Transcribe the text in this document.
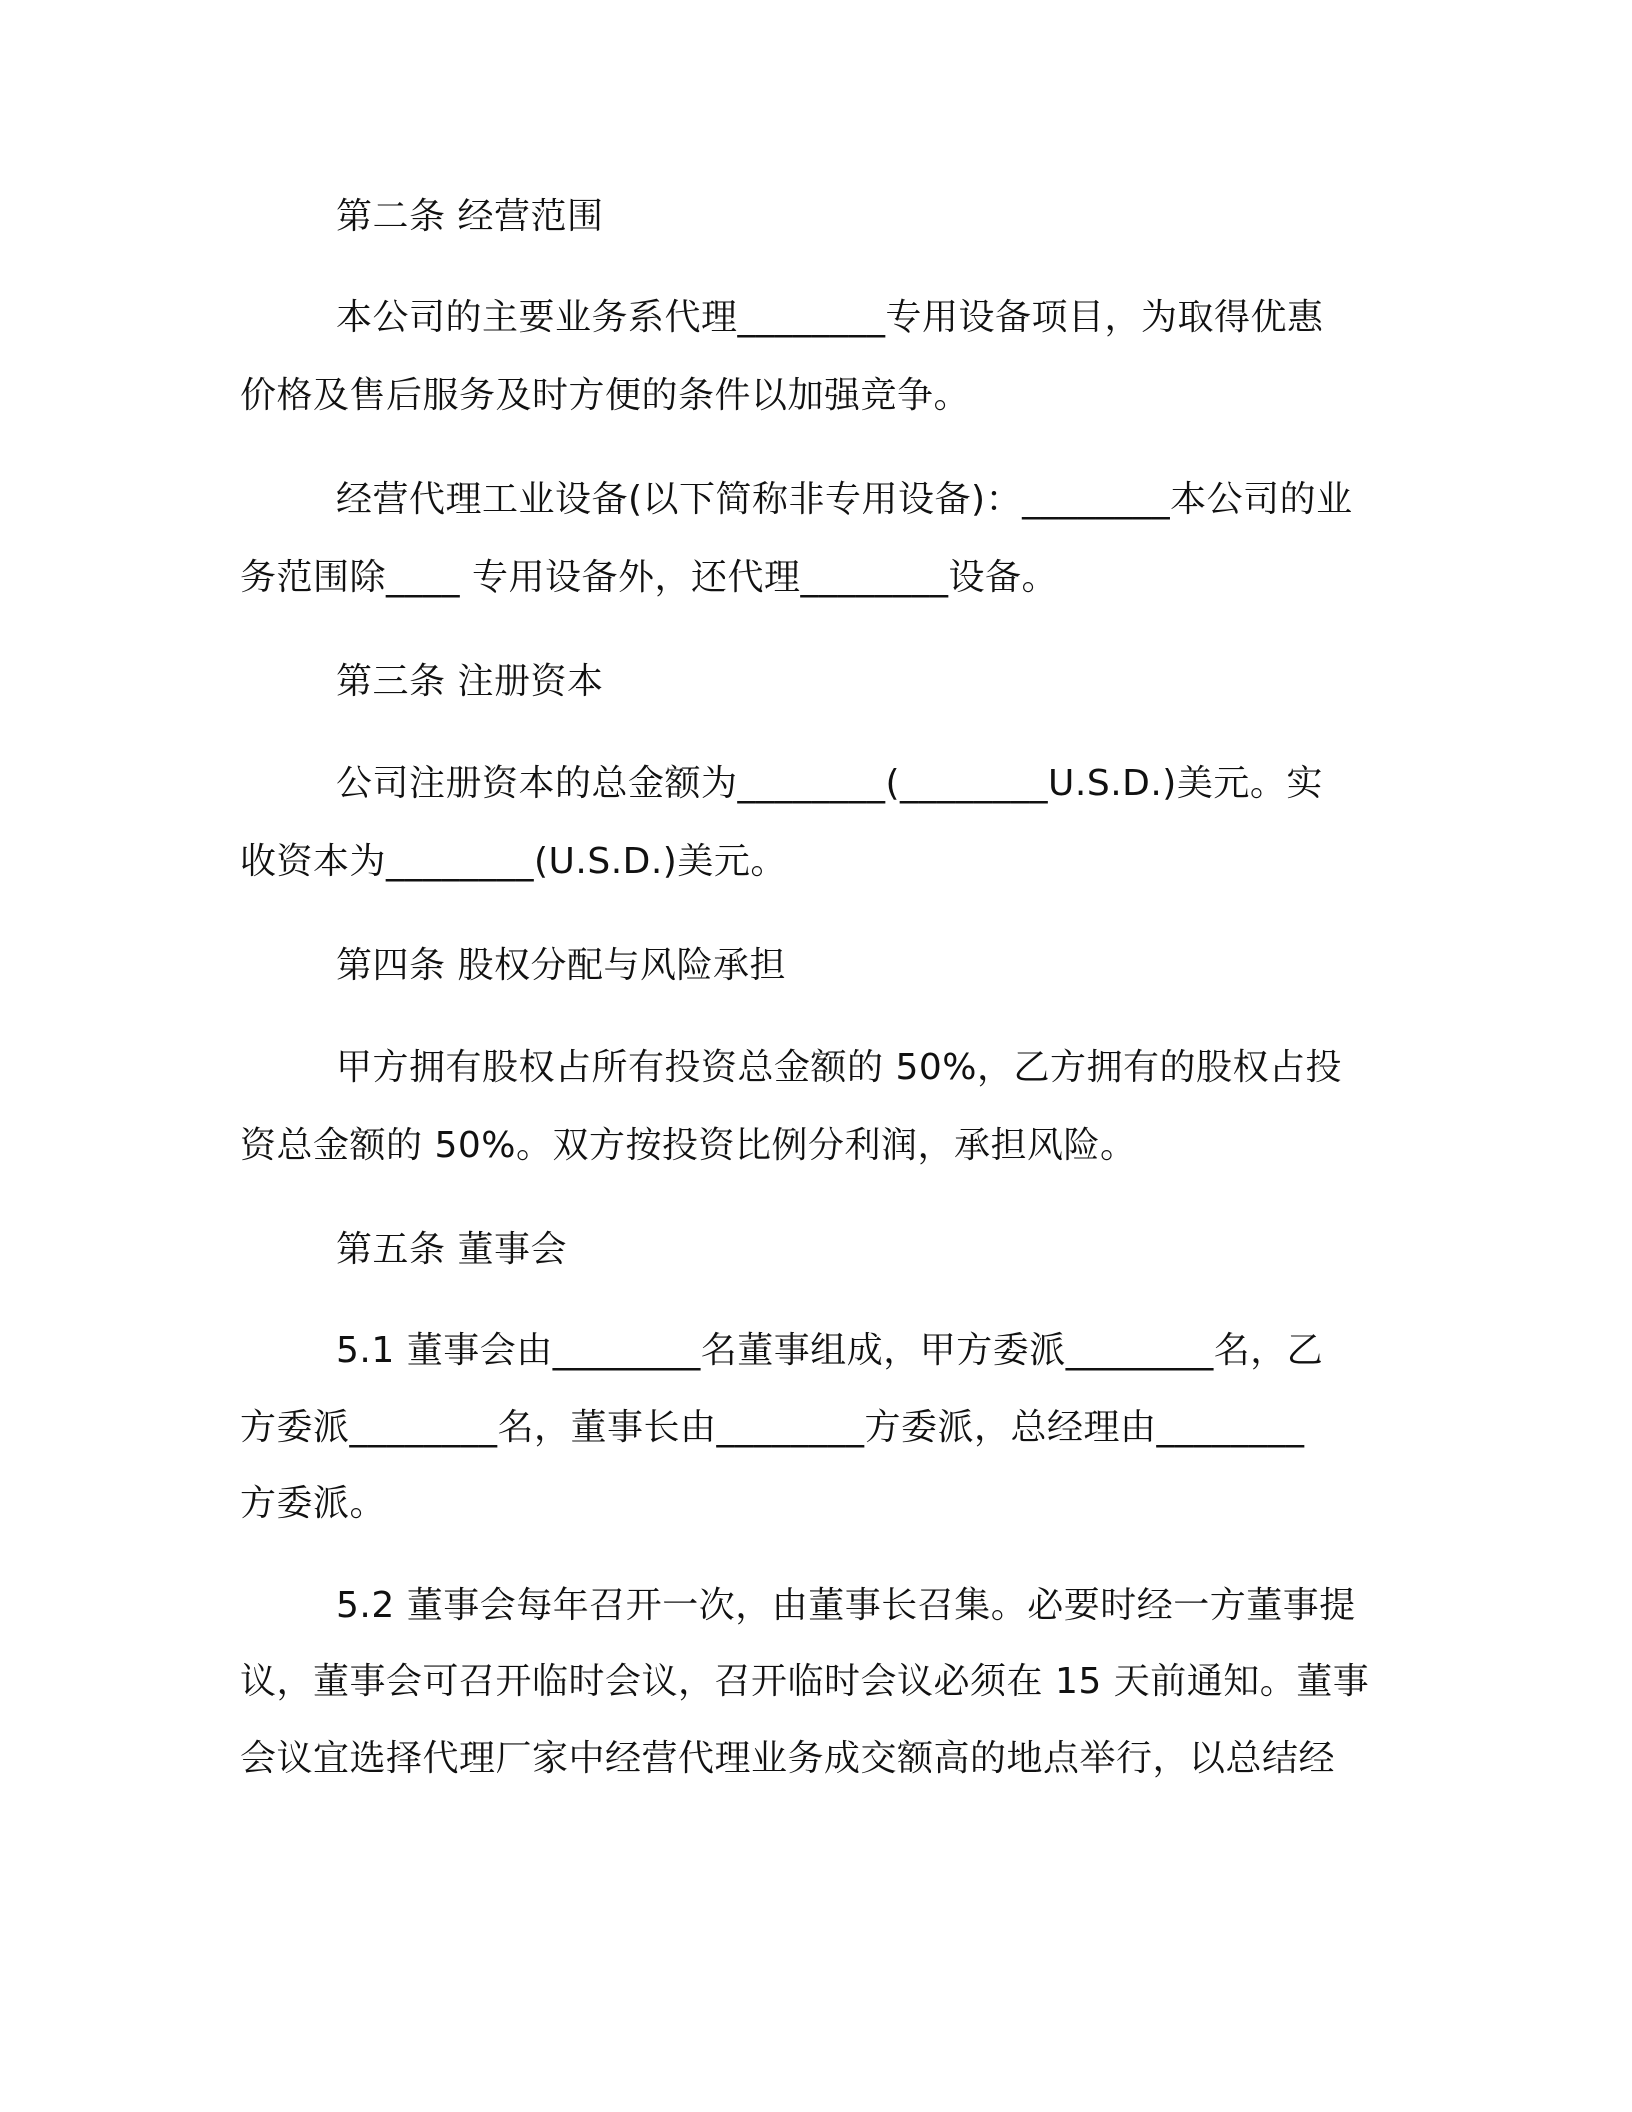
第二条 经营范围
本公司的主要业务系代理________专用设备项目，为取得优惠
价格及售后服务及时方便的条件以加强竞争。
经营代理工业设备(以下简称非专用设备)：________本公司的业
务范围除____ 专用设备外，还代理________设备。
第三条 注册资本
公司注册资本的总金额为________(________U.S.D.)美元。实
收资本为________(U.S.D.)美元。
第四条 股权分配与风险承担
甲方拥有股权占所有投资总金额的 50%，乙方拥有的股权占投
资总金额的 50%。双方按投资比例分利润，承担风险。
第五条 董事会
5.1 董事会由________名董事组成，甲方委派________名，乙
方委派________名，董事长由________方委派，总经理由________
方委派。
5.2 董事会每年召开一次，由董事长召集。必要时经一方董事提
议，董事会可召开临时会议，召开临时会议必须在 15 天前通知。董事
会议宜选择代理厂家中经营代理业务成交额高的地点举行，以总结经
